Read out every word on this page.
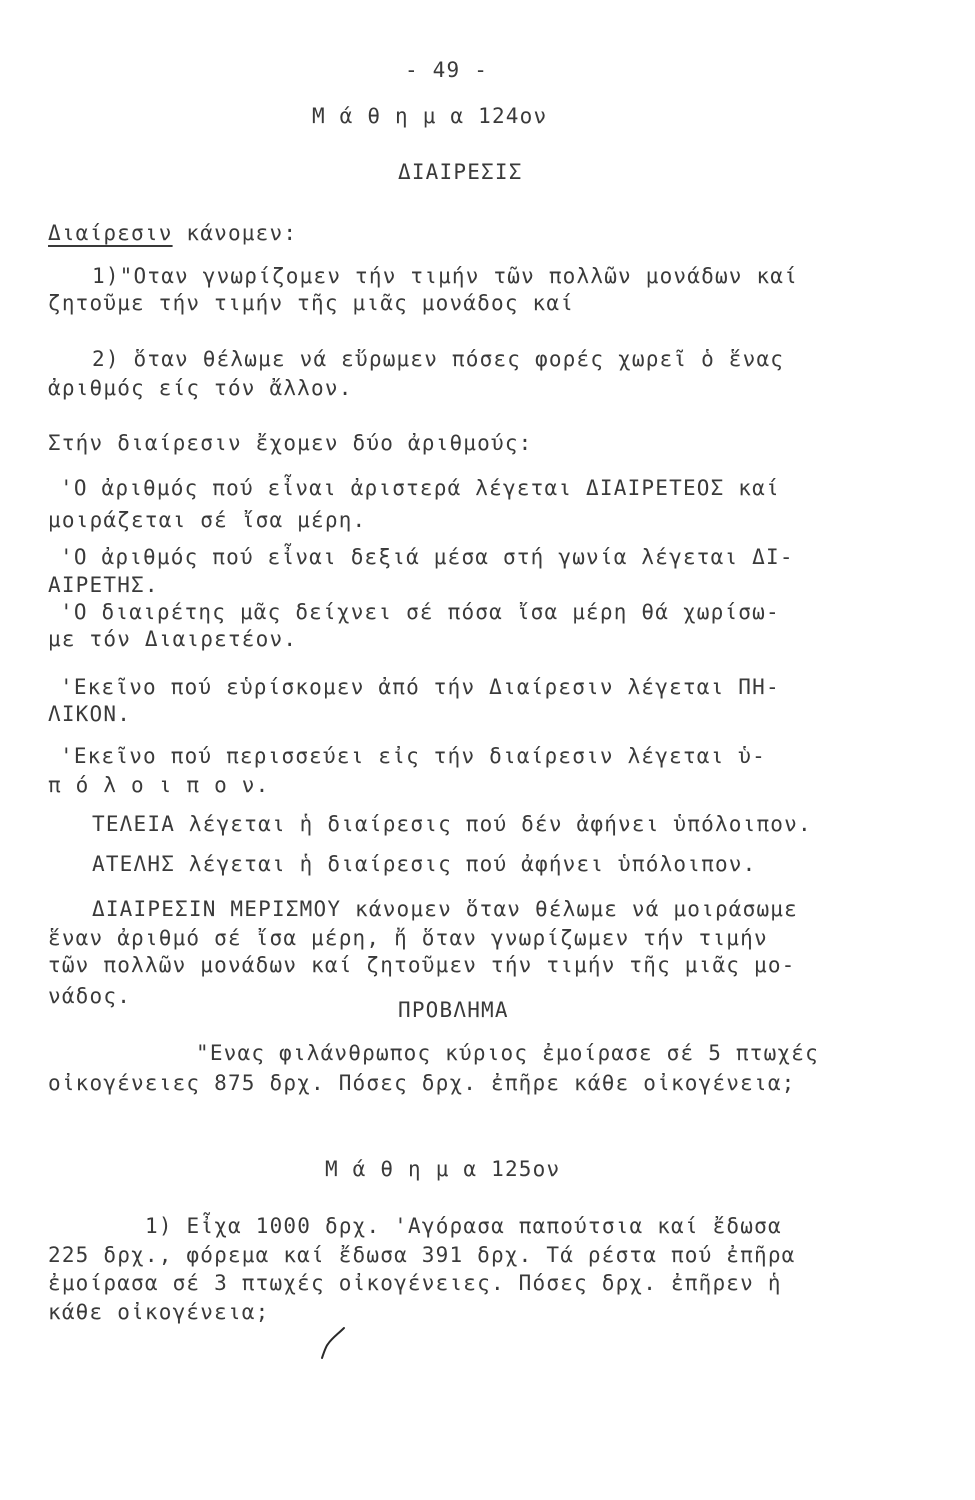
- 49 -
Μ ά θ η μ α 124ον
ΔΙΑΙΡΕΣΙΣ
Διαίρεσιν κάνομεν:
1)"Οταν γνωρίζομεν τήν τιμήν τῶν πολλῶν μονάδων καί
ζητοῦμε τήν τιμήν τῆς μιᾶς μονάδος καί
2) ὅταν θέλωμε νά εὕρωμεν πόσες φορές χωρεῖ ὁ ἕνας
ἀριθμός είς τόν ἄλλον.
Στήν διαίρεσιν ἔχομεν δύο ἀριθμούς:
'Ο ἀριθμός πού εἶναι ἀριστερά λέγεται ΔΙΑΙΡΕΤΕΟΣ καί
μοιράζεται σέ ἴσα μέρη.
'Ο ἀριθμός πού εἶναι δεξιά μέσα στή γωνία λέγεται ΔΙ-
ΑΙΡΕΤΗΣ.
'Ο διαιρέτης μᾶς δείχνει σέ πόσα ἴσα μέρη θά χωρίσω-
με τόν Διαιρετέον.
'Εκεῖνο πού εὑρίσκομεν ἀπό τήν Διαίρεσιν λέγεται ΠΗ-
ΛΙΚΟΝ.
'Εκεῖνο πού περισσεύει εἰς τήν διαίρεσιν λέγεται ὑ-
π ό λ ο ι π ο ν.
ΤΕΛΕΙΑ λέγεται ἡ διαίρεσις πού δέν ἀφήνει ὑπόλοιπον.
ΑΤΕΛΗΣ λέγεται ἡ διαίρεσις πού ἀφήνει ὑπόλοιπον.
ΔΙΑΙΡΕΣΙΝ ΜΕΡΙΣΜΟΥ κάνομεν ὅταν θέλωμε νά μοιράσωμε
ἕναν ἀριθμό σέ ἴσα μέρη, ἤ ὅταν γνωρίζωμεν τήν τιμήν
τῶν πολλῶν μονάδων καί ζητοῦμεν τήν τιμήν τῆς μιᾶς μο-
νάδος.
ΠΡΟΒΛΗΜΑ
"Ενας φιλάνθρωπος κύριος ἐμοίρασε σέ 5 πτωχές
οἰκογένειες 875 δρχ. Πόσες δρχ. ἐπῆρε κάθε οἰκογένεια;
Μ ά θ η μ α 125ον
1) Εἶχα 1000 δρχ. 'Αγόρασα παπούτσια καί ἔδωσα
225 δρχ., φόρεμα καί ἔδωσα 391 δρχ. Τά ρέστα πού ἐπῆρα
ἐμοίρασα σέ 3 πτωχές οἰκογένειες. Πόσες δρχ. ἐπῆρεν ἡ
κάθε οἰκογένεια;
